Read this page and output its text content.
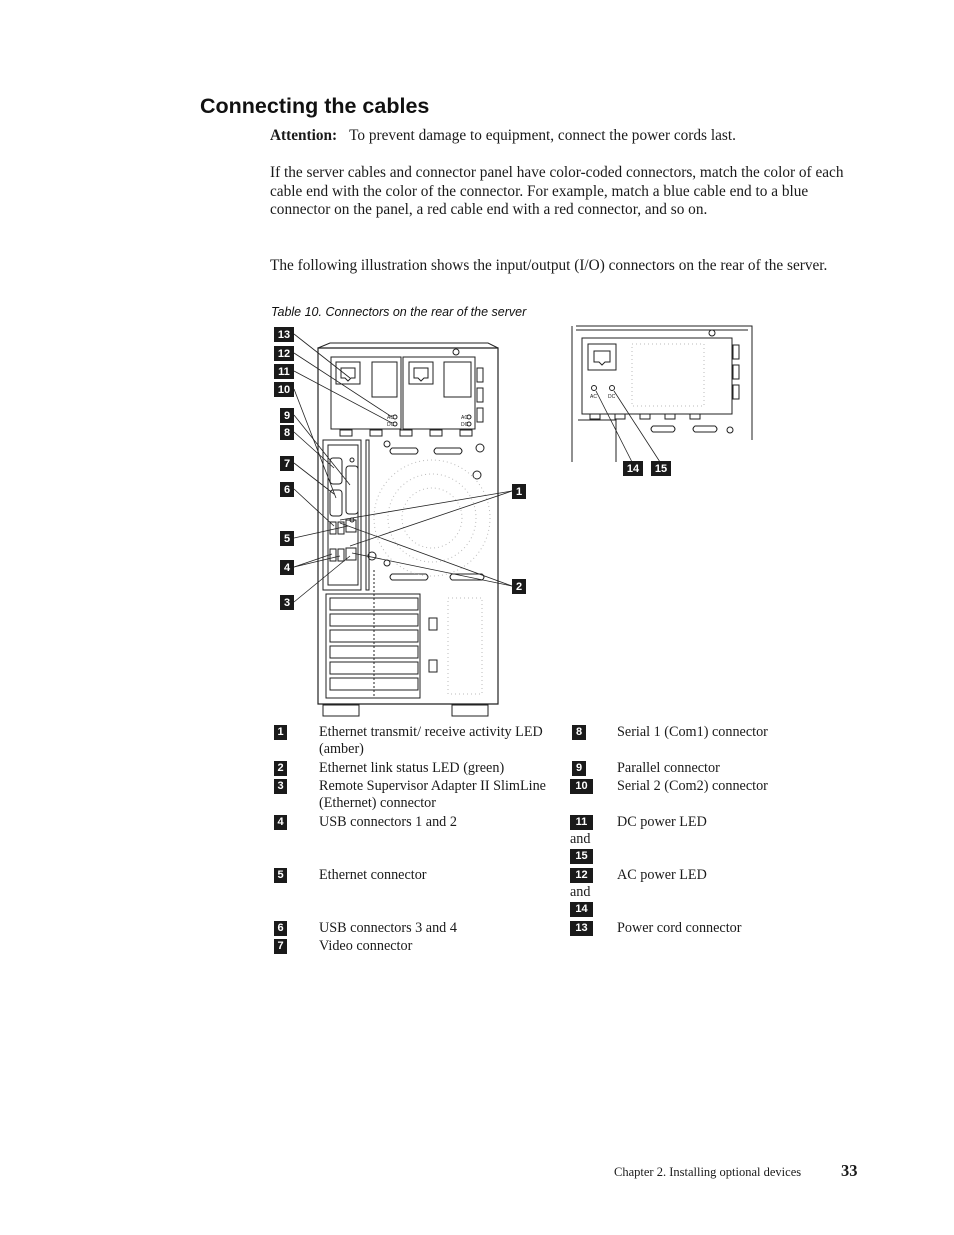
Connecting the cables

Attention: To prevent damage to equipment, connect the power cords last.

If the server cables and connector panel have color-coded connectors, match the color of each cable end with the color of the connector. For example, match a blue cable end to a blue connector on the panel, a red cable end with a red connector, and so on.

The following illustration shows the input/output (I/O) connectors on the rear of the server.

Table 10. Connectors on the rear of the server
AC
DC
AC
DC
AC DC
13
12
11
10
9
8
7
6
5
4
3
1
2
14 15
1 Ethernet transmit/ receive activity LED (amber)
2 Ethernet link status LED (green)
3 Remote Supervisor Adapter II SlimLine (Ethernet) connector
4 USB connectors 1 and 2
5 Ethernet connector
6 USB connectors 3 and 4
7 Video connector
8 Serial 1 (Com1) connector
9 Parallel connector
10	Serial 2 (Com2) connector
11
and
15
DC power LED
12
and
14
AC power LED
13	Power cord connector
Chapter 2. Installing optional devices 33
